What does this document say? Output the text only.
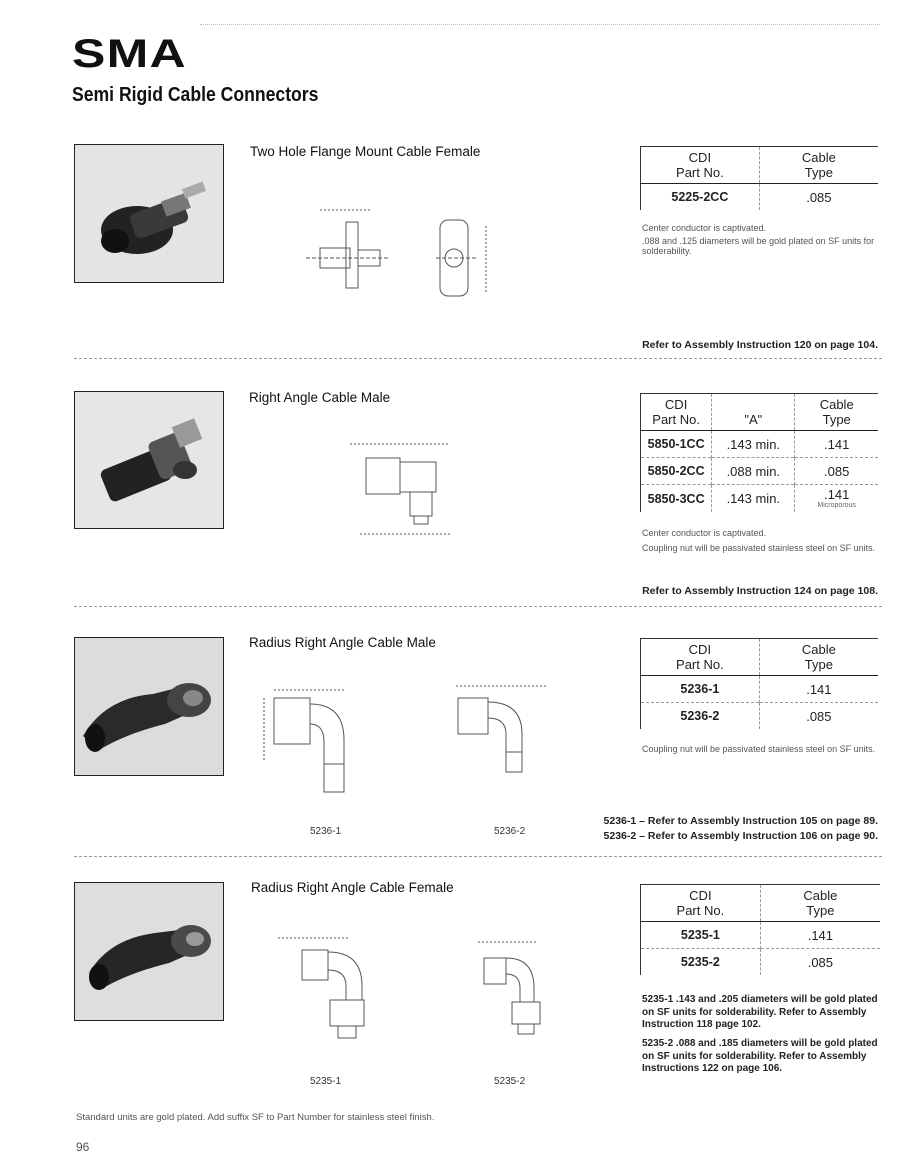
SMA
Semi Rigid Cable Connectors
Two Hole Flange Mount Cable Female	CDI
Part No.	Cable
Type
5225-2CC	.085
Center conductor is captivated.
.088 and .125 diameters will be gold plated on SF units for solderability.
Refer to Assembly Instruction 120 on page 104.
Right Angle Cable Male	CDI
Part No.	"A"	Cable
Type
5850-1CC	.143 min.	.141
5850-2CC	.088 min.	.085
5850-3CC	.143 min.	.141
Microporous
Center conductor is captivated.
Coupling nut will be passivated stainless steel on SF units.
Refer to Assembly Instruction 124 on page 108.
Radius Right Angle Cable Male
5236-1	5236-2
CDI
Part No.	Cable
Type
5236-1	.141
5236-2	.085
Coupling nut will be passivated stainless steel on SF units.
5236-1 – Refer to Assembly Instruction 105 on page 89.
5236-2 – Refer to Assembly Instruction 106 on page 90.
Radius Right Angle Cable Female
5235-1	5235-2
CDI
Part No.	Cable
Type
5235-1	.141
5235-2	.085
5235-1 .143 and .205 diameters will be gold plated on SF units for solderability. Refer to Assembly Instruction 118 page 102.
5235-2 .088 and .185 diameters will be gold plated on SF units for solderability. Refer to Assembly Instructions 122 on page 106.
Standard units are gold plated. Add suffix SF to Part Number for stainless steel finish.
96
